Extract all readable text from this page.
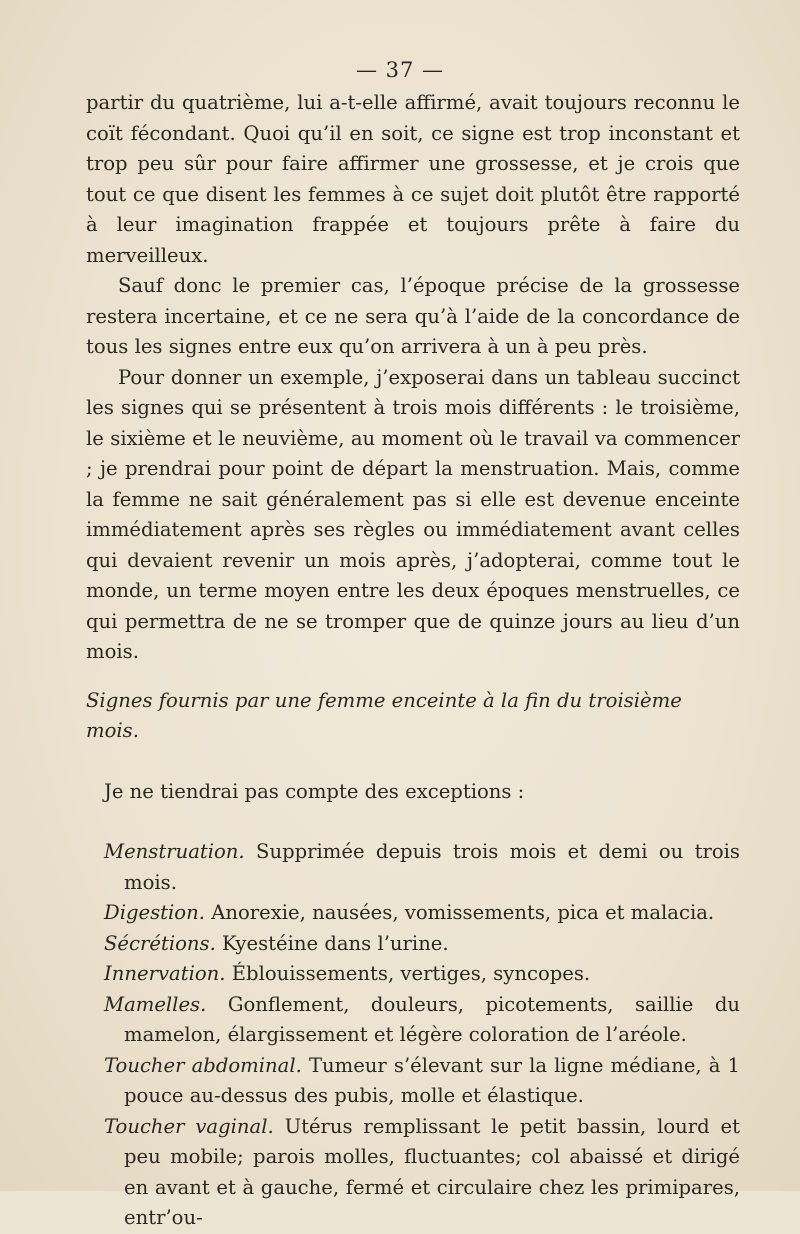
— 37 —

partir du quatrième, lui a-t-elle affirmé, avait toujours reconnu le coït fécondant. Quoi qu’il en soit, ce signe est trop inconstant et trop peu sûr pour faire affirmer une grossesse, et je crois que tout ce que disent les femmes à ce sujet doit plutôt être rapporté à leur imagination frappée et toujours prête à faire du merveilleux.

Sauf donc le premier cas, l’époque précise de la grossesse restera incertaine, et ce ne sera qu’à l’aide de la concordance de tous les signes entre eux qu’on arrivera à un à peu près.

Pour donner un exemple, j’exposerai dans un tableau succinct les signes qui se présentent à trois mois différents : le troisième, le sixième et le neuvième, au moment où le travail va commencer ; je prendrai pour point de départ la menstruation. Mais, comme la femme ne sait généralement pas si elle est devenue enceinte immédiatement après ses règles ou immédiatement avant celles qui devaient revenir un mois après, j’adopterai, comme tout le monde, un terme moyen entre les deux époques menstruelles, ce qui permettra de ne se tromper que de quinze jours au lieu d’un mois.

Signes fournis par une femme enceinte à la fin du troisième mois.

Je ne tiendrai pas compte des exceptions :

Menstruation. Supprimée depuis trois mois et demi ou trois mois.

Digestion. Anorexie, nausées, vomissements, pica et malacia.

Sécrétions. Kyestéine dans l’urine.

Innervation. Éblouissements, vertiges, syncopes.

Mamelles. Gonflement, douleurs, picotements, saillie du mamelon, élargissement et légère coloration de l’aréole.

Toucher abdominal. Tumeur s’élevant sur la ligne médiane, à 1 pouce au-dessus des pubis, molle et élastique.

Toucher vaginal. Utérus remplissant le petit bassin, lourd et peu mobile; parois molles, fluctuantes; col abaissé et dirigé en avant et à gauche, fermé et circulaire chez les primipares, entr’ou-
